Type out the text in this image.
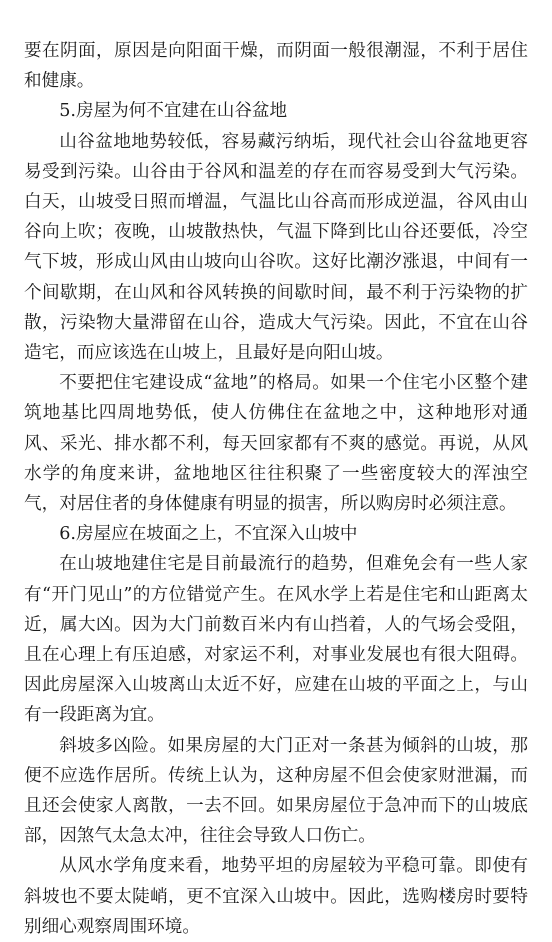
要在阴面，原因是向阳面干燥，而阴面一般很潮湿，不利于居住和健康。

5.房屋为何不宜建在山谷盆地

山谷盆地地势较低，容易藏污纳垢，现代社会山谷盆地更容易受到污染。山谷由于谷风和温差的存在而容易受到大气污染。白天，山坡受日照而增温，气温比山谷高而形成逆温，谷风由山谷向上吹；夜晚，山坡散热快，气温下降到比山谷还要低，冷空气下坡，形成山风由山坡向山谷吹。这好比潮汐涨退，中间有一个间歇期，在山风和谷风转换的间歇时间，最不利于污染物的扩散，污染物大量滞留在山谷，造成大气污染。因此，不宜在山谷造宅，而应该选在山坡上，且最好是向阳山坡。

不要把住宅建设成“盆地”的格局。如果一个住宅小区整个建筑地基比四周地势低，使人仿佛住在盆地之中，这种地形对通风、采光、排水都不利，每天回家都有不爽的感觉。再说，从风水学的角度来讲，盆地地区往往积聚了一些密度较大的浑浊空气，对居住者的身体健康有明显的损害，所以购房时必须注意。

6.房屋应在坡面之上，不宜深入山坡中

在山坡地建住宅是目前最流行的趋势，但难免会有一些人家有“开门见山”的方位错觉产生。在风水学上若是住宅和山距离太近，属大凶。因为大门前数百米内有山挡着，人的气场会受阻，且在心理上有压迫感，对家运不利，对事业发展也有很大阻碍。因此房屋深入山坡离山太近不好，应建在山坡的平面之上，与山有一段距离为宜。

斜坡多凶险。如果房屋的大门正对一条甚为倾斜的山坡，那便不应选作居所。传统上认为，这种房屋不但会使家财泄漏，而且还会使家人离散，一去不回。如果房屋位于急冲而下的山坡底部，因煞气太急太冲，往往会导致人口伤亡。

从风水学角度来看，地势平坦的房屋较为平稳可靠。即使有斜坡也不要太陡峭，更不宜深入山坡中。因此，选购楼房时要特别细心观察周围环境。
